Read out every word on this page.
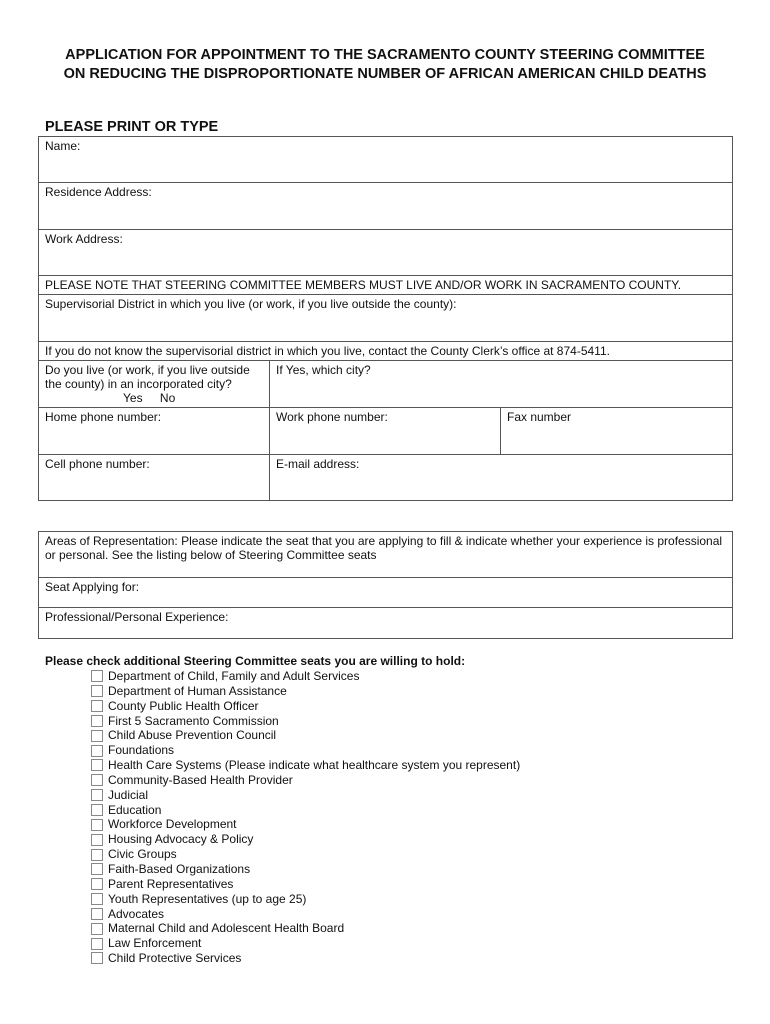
APPLICATION FOR APPOINTMENT TO THE SACRAMENTO COUNTY STEERING COMMITTEE
ON REDUCING THE DISPROPORTIONATE NUMBER OF AFRICAN AMERICAN CHILD DEATHS
PLEASE PRINT OR TYPE
Name:		
Residence Address:		
Work Address:		
PLEASE NOTE THAT STEERING COMMITTEE MEMBERS MUST LIVE AND/OR WORK IN SACRAMENTO COUNTY.		
Supervisorial District in which you live (or work, if you live outside the county):		
If you do not know the supervisorial district in which you live, contact the County Clerk’s office at 874-5411.		
Do you live (or work, if you live outside the county) in an incorporated city?
Yes No	If Yes, which city?	
Home phone number:	Work phone number:	Fax number
Cell phone number:	E-mail address:	
Areas of Representation: Please indicate the seat that you are applying to fill & indicate whether your experience is professional or personal. See the listing below of Steering Committee seats
Seat Applying for:
Professional/Personal Experience:
Please check additional Steering Committee seats you are willing to hold:
Department of Child, Family and Adult Services
Department of Human Assistance
County Public Health Officer
First 5 Sacramento Commission
Child Abuse Prevention Council
Foundations
Health Care Systems (Please indicate what healthcare system you represent)
Community-Based Health Provider
Judicial
Education
Workforce Development
Housing Advocacy & Policy
Civic Groups
Faith-Based Organizations
Parent Representatives
Youth Representatives (up to age 25)
Advocates
Maternal Child and Adolescent Health Board
Law Enforcement
Child Protective Services
